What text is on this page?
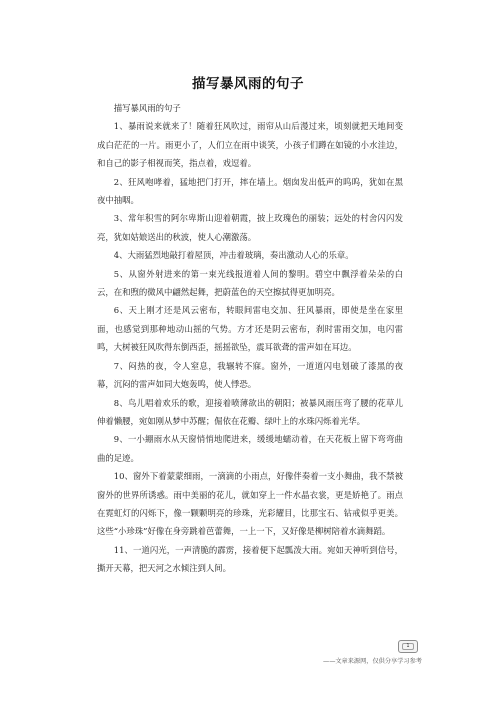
描写暴风雨的句子

描写暴风雨的句子

1、暴雨说来就来了！随着狂风吹过，雨帘从山后漫过来，顷刻就把天地间变成白茫茫的一片。雨更小了，人们立在雨中谈笑，小孩子们蹲在如镜的小水洼边，和自己的影子相视而笑，指点着，戏逗着。

2、狂风咆哮着，猛地把门打开，摔在墙上。烟囱发出低声的呜呜，犹如在黑夜中抽咽。

3、常年积雪的阿尔卑斯山迎着朝霞，披上玫瑰色的丽装；远处的村舍闪闪发亮，犹如姑娘送出的秋波，使人心潮激荡。

4、大雨猛烈地敲打着屋顶，冲击着玻璃，奏出激动人心的乐章。

5、从窗外射进来的第一束光线报道着人间的黎明。碧空中飘浮着朵朵的白云，在和煦的微风中翩然起舞，把蔚蓝色的天空擦拭得更加明亮。

6、天上刚才还是风云密布，转眼间雷电交加、狂风暴雨，即使是坐在家里面，也感觉到那种地动山摇的气势。方才还是阴云密布，刹时雷雨交加，电闪雷鸣，大树被狂风吹得东倒西歪，摇摇欲坠，震耳欲聋的雷声如在耳边。

7、闷热的夜，令人窒息，我辗转不寐。窗外，一道道闪电划破了漆黑的夜幕，沉闷的雷声如同大炮轰鸣，使人悸恐。

8、鸟儿唱着欢乐的歌，迎接着喷薄欲出的朝阳；被暴风雨压弯了腰的花草儿伸着懒腰，宛如刚从梦中苏醒；倔依在花瓣、绿叶上的水珠闪烁着光华。

9、一小綳雨水从天窗悄悄地爬进来，缓缓地蠕动着，在天花板上留下弯弯曲曲的足迹。

10、窗外下着蒙蒙细雨，一滴滴的小雨点，好像伴奏着一支小舞曲，我不禁被窗外的世界所诱惑。雨中美丽的花儿，就如穿上一件水晶衣裳，更是娇艳了。雨点在霓虹灯的闪烁下，像一颗颗明亮的珍珠，光彩耀目，比那宝石、钻戒似乎更美。这些“小珍珠”好像在身旁跳着芭蕾舞，一上一下，又好像是柳树陪着水滴舞蹈。

11、一道闪光，一声清脆的霹雳，接着便下起瓢泼大雨。宛如天神听到信号，撕开天幕，把天河之水倾注到人间。

1
——文章来源网，仅供分享学习参考
